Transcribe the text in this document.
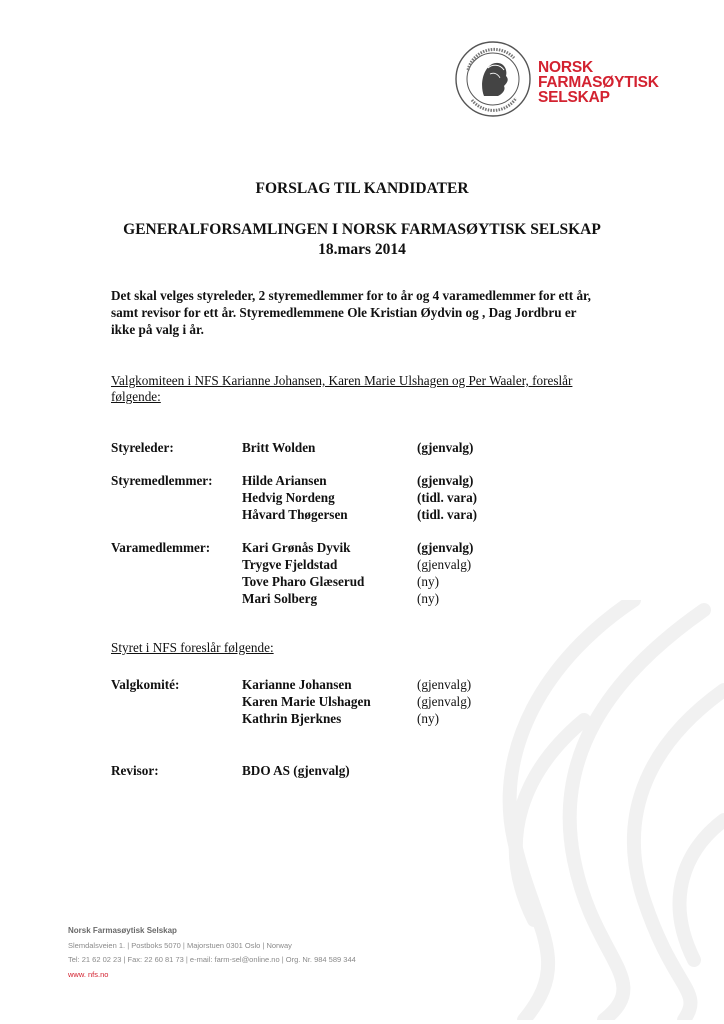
NORSK
FARMASØYTISK
SELSKAP
FORSLAG TIL KANDIDATER
GENERALFORSAMLINGEN I NORSK FARMASØYTISK SELSKAP
18.mars 2014
Det skal velges styreleder, 2 styremedlemmer for to år og 4 varamedlemmer for ett år,
samt revisor for ett år. Styremedlemmene Ole Kristian Øydvin og , Dag Jordbru er
ikke på valg i år.
Valgkomiteen i NFS Karianne Johansen, Karen Marie Ulshagen og Per Waaler, foreslår
følgende:
Styreleder:	Britt Wolden	(gjenvalg)
Styremedlemmer: Hilde Ariansen	(gjenvalg)
Hedvig Nordeng	(tidl. vara)
Håvard Thøgersen	(tidl. vara)
Varamedlemmer: Kari Grønås Dyvik	(gjenvalg)
Trygve Fjeldstad	(gjenvalg)
Tove Pharo Glæserud	(ny)
Mari Solberg	(ny)
Styret i NFS foreslår følgende:
Valgkomité:	Karianne Johansen	(gjenvalg)
Karen Marie Ulshagen	(gjenvalg)
Kathrin Bjerknes	(ny)
Revisor:	BDO AS (gjenvalg)
Norsk Farmasøytisk Selskap
Slemdalsveien 1. | Postboks 5070 | Majorstuen 0301 Oslo | Norway
Tel: 21 62 02 23 | Fax: 22 60 81 73 | e-mail: farm-sel@online.no | Org. Nr. 984 589 344
www. nfs.no
